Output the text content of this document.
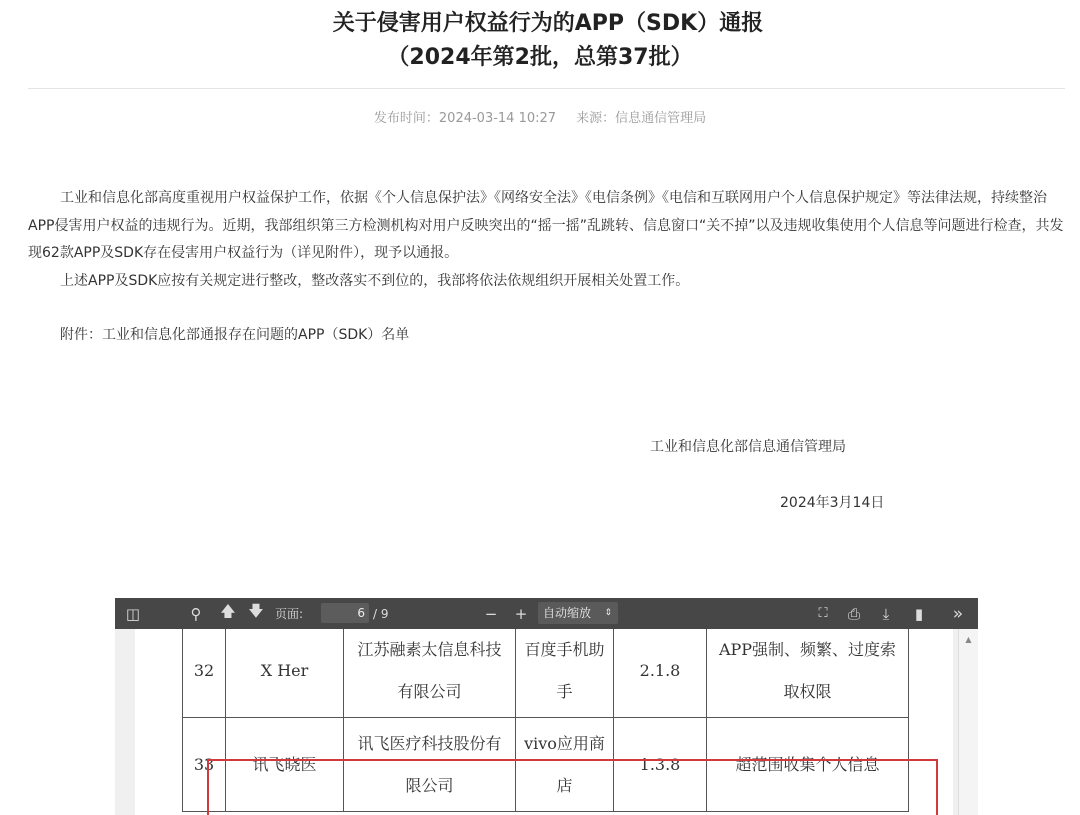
关于侵害用户权益行为的APP（SDK）通报
（2024年第2批，总第37批）
发布时间：2024-03-14 10:27 来源：信息通信管理局

工业和信息化部高度重视用户权益保护工作，依据《个人信息保护法》《网络安全法》《电信条例》《电信和互联网用户个人信息保护规定》等法律法规，持续整治APP侵害用户权益的违规行为。近期，我部组织第三方检测机构对用户反映突出的“摇一摇”乱跳转、信息窗口“关不掉”以及违规收集使用个人信息等问题进行检查，共发现62款APP及SDK存在侵害用户权益行为（详见附件），现予以通报。

上述APP及SDK应按有关规定进行整改，整改落实不到位的，我部将依法依规组织开展相关处置工作。

附件：工业和信息化部通报存在问题的APP（SDK）名单
工业和信息化部信息通信管理局
2024年3月14日
32	X Her	江苏融素太信息科技有限公司	百度手机助手	2.1.8	APP强制、频繁、过度索取权限
33	讯飞晓医	讯飞医疗科技股份有限公司	vivo应用商店	1.3.8	超范围收集个人信息
▲
◫	⚲	🡅 🡇 页面:	6 / 9	− +	自动缩放 ⇕	⛶	⎙	⤓	▮	»
